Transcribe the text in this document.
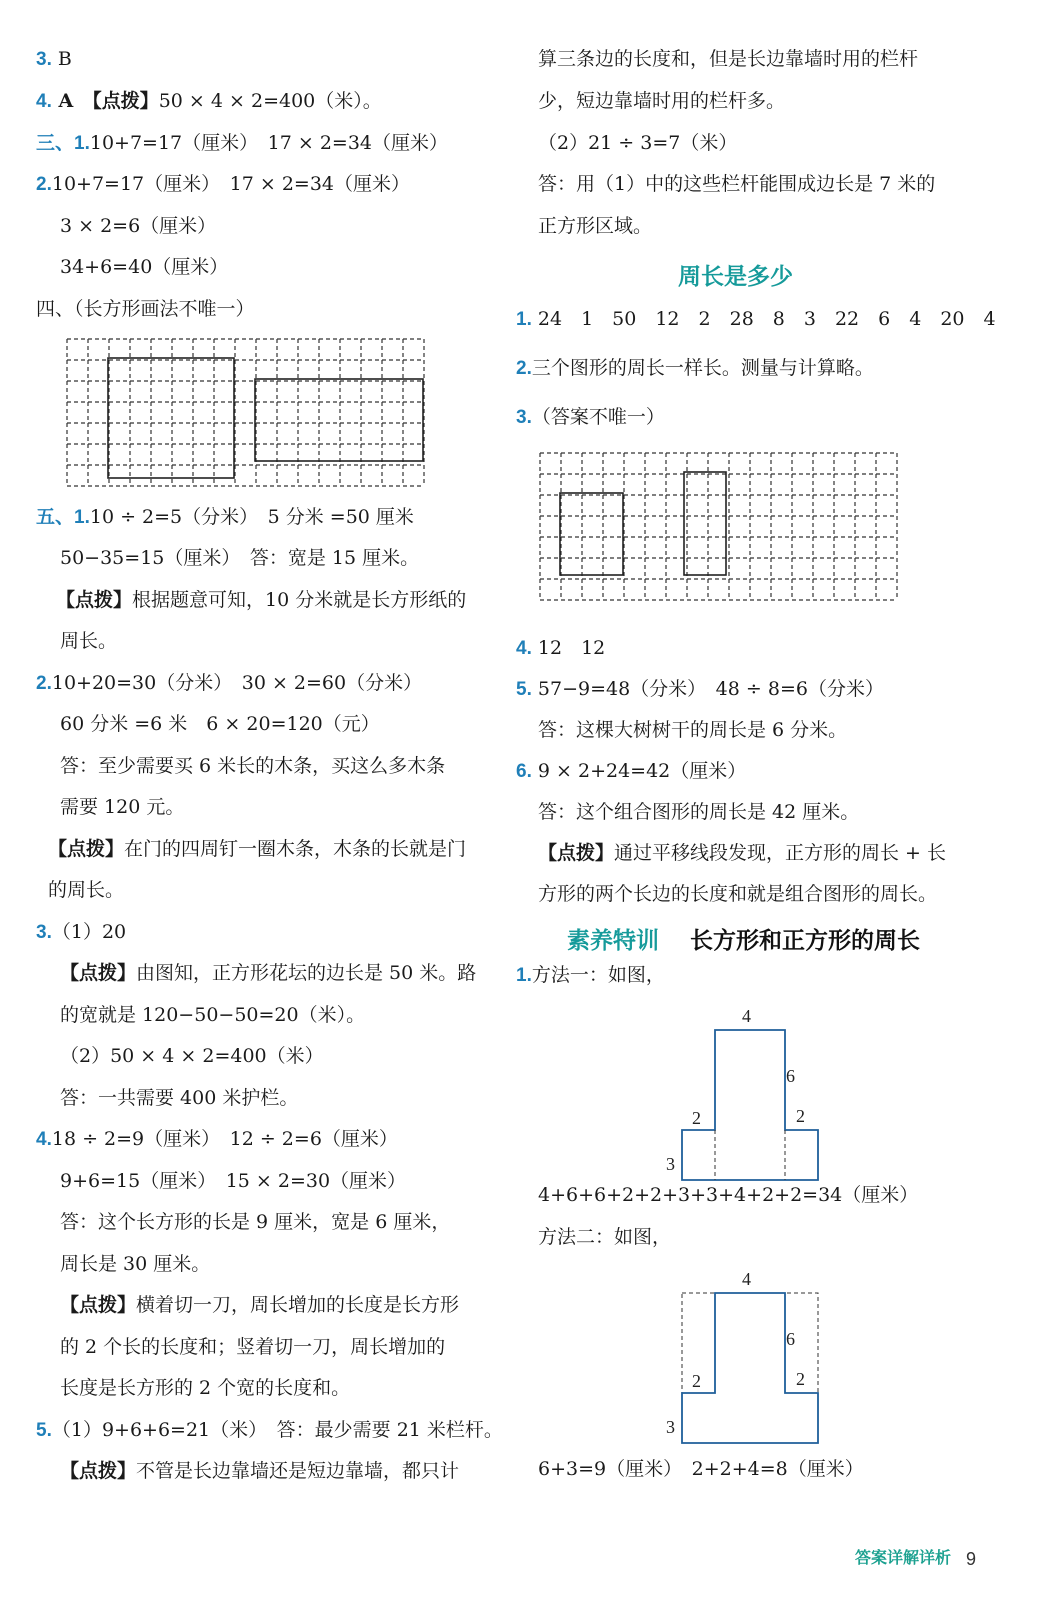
3. B
4. A　【点拨】50 × 4 × 2=400（米）。
三、1.10+7=17（厘米）　17 × 2=34（厘米）
2.10+7=17（厘米）　17 × 2=34（厘米）
3 × 2=6（厘米）
34+6=40（厘米）
四、（长方形画法不唯一）
五、1.10 ÷ 2=5（分米）　5 分米 =50 厘米
50−35=15（厘米）　答：宽是 15 厘米。
【点拨】根据题意可知，10 分米就是长方形纸的
周长。
2.10+20=30（分米）　30 × 2=60（分米）
60 分米 =6 米　6 × 20=120（元）
答：至少需要买 6 米长的木条，买这么多木条
需要 120 元。
【点拨】在门的四周钉一圈木条，木条的长就是门
的周长。
3.（1）20
【点拨】由图知，正方形花坛的边长是 50 米。路
的宽就是 120−50−50=20（米）。
（2）50 × 4 × 2=400（米）
答：一共需要 400 米护栏。
4.18 ÷ 2=9（厘米）　12 ÷ 2=6（厘米）
9+6=15（厘米）　15 × 2=30（厘米）
答：这个长方形的长是 9 厘米，宽是 6 厘米，
周长是 30 厘米。
【点拨】横着切一刀，周长增加的长度是长方形
的 2 个长的长度和；竖着切一刀，周长增加的
长度是长方形的 2 个宽的长度和。
5.（1）9+6+6=21（米）　答：最少需要 21 米栏杆。
【点拨】不管是长边靠墙还是短边靠墙，都只计
算三条边的长度和，但是长边靠墙时用的栏杆
少，短边靠墙时用的栏杆多。
（2）21 ÷ 3=7（米）
答：用（1）中的这些栏杆能围成边长是 7 米的
正方形区域。
周长是多少
1. 24　1　50　12　2　28　8　3　22　6　4　20　4
2.三个图形的周长一样长。测量与计算略。
3.（答案不唯一）
4. 12　12
5. 57−9=48（分米）　48 ÷ 8=6（分米）
答：这棵大树树干的周长是 6 分米。
6. 9 × 2+24=42（厘米）
答：这个组合图形的周长是 42 厘米。
【点拨】通过平移线段发现，正方形的周长 + 长
方形的两个长边的长度和就是组合图形的周长。
素养特训 长方形和正方形的周长
1.方法一：如图，
4
6
2	2
3
4+6+6+2+2+3+3+4+2+2=34（厘米）
方法二：如图，
4
6
2	2
3
6+3=9（厘米）　2+2+4=8（厘米）
答案详解详析 9
